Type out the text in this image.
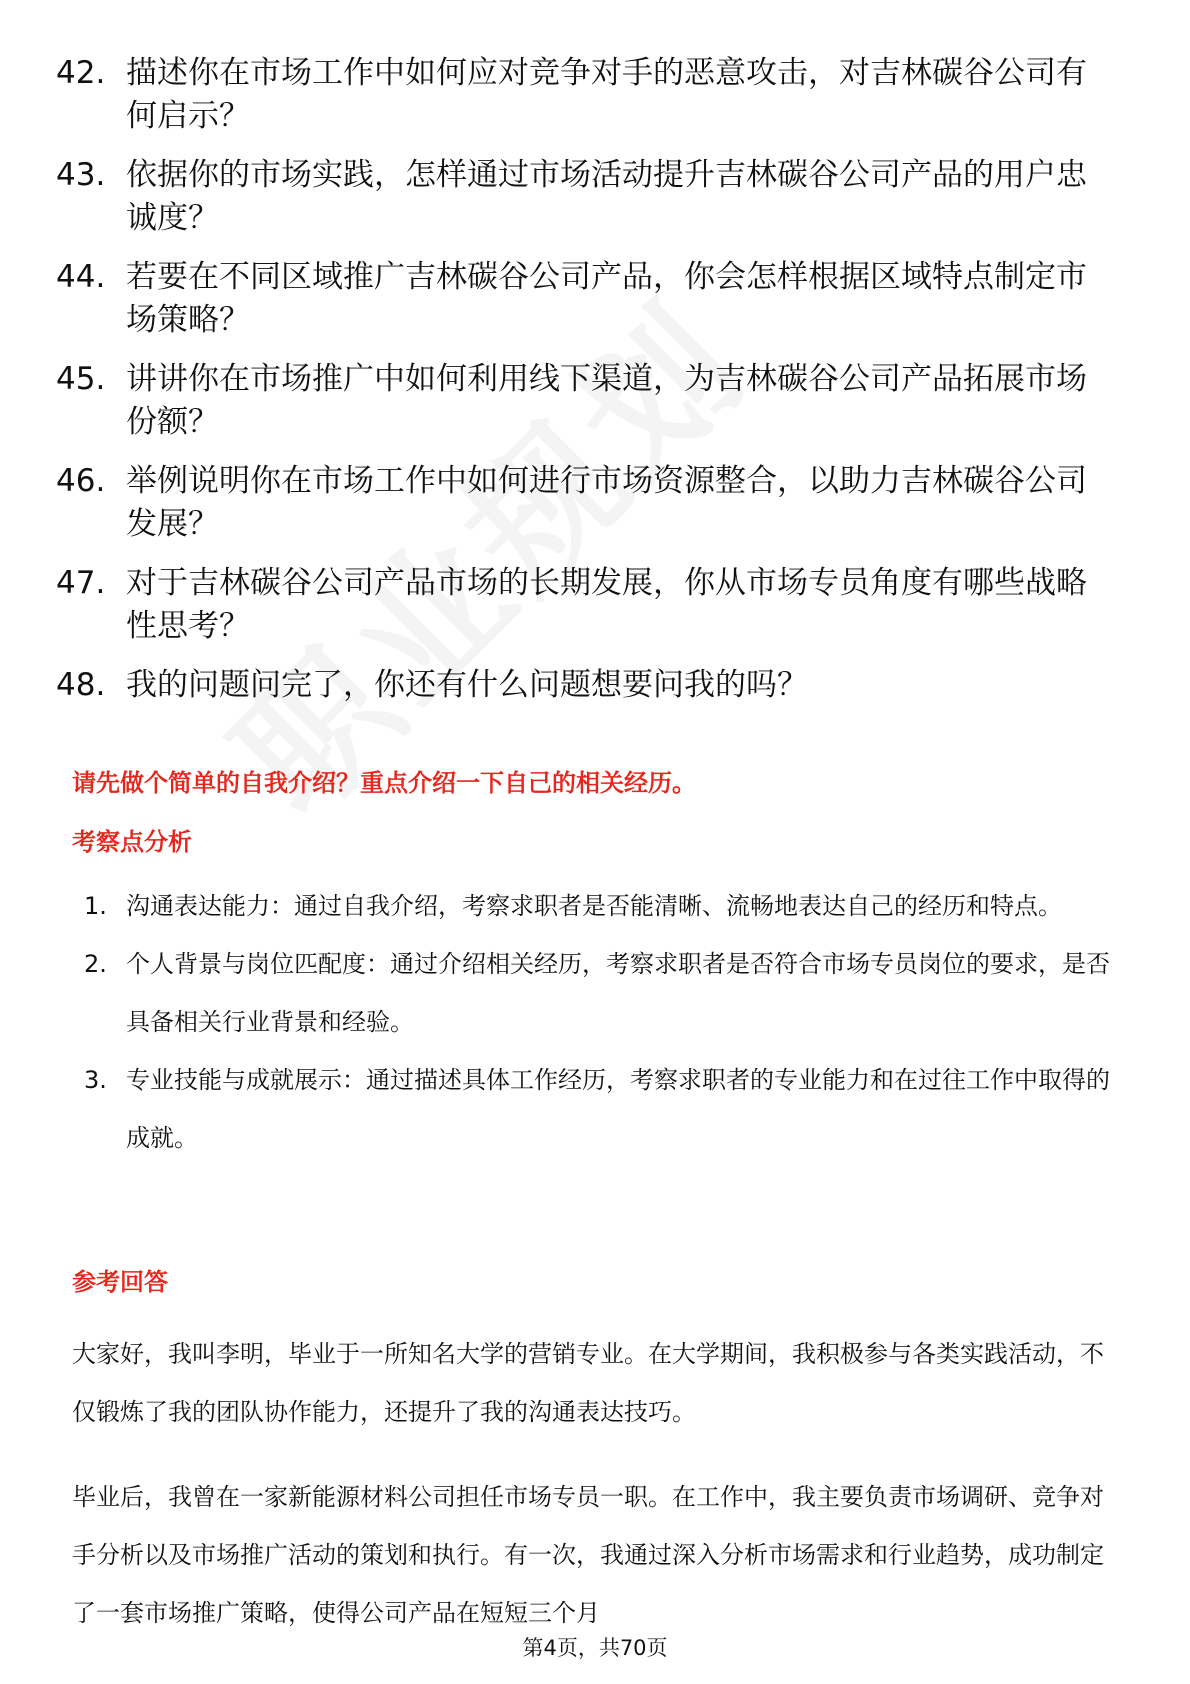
42. 描述你在市场工作中如何应对竞争对手的恶意攻击，对吉林碳谷公司有何启示？
43. 依据你的市场实践，怎样通过市场活动提升吉林碳谷公司产品的用户忠诚度？
44. 若要在不同区域推广吉林碳谷公司产品，你会怎样根据区域特点制定市场策略？
45. 讲讲你在市场推广中如何利用线下渠道，为吉林碳谷公司产品拓展市场份额？
46. 举例说明你在市场工作中如何进行市场资源整合，以助力吉林碳谷公司发展？
47. 对于吉林碳谷公司产品市场的长期发展，你从市场专员角度有哪些战略性思考？
48. 我的问题问完了，你还有什么问题想要问我的吗？
请先做个简单的自我介绍？重点介绍一下自己的相关经历。
考察点分析
1. 沟通表达能力：通过自我介绍，考察求职者是否能清晰、流畅地表达自己的经历和特点。
2. 个人背景与岗位匹配度：通过介绍相关经历，考察求职者是否符合市场专员岗位的要求，是否具备相关行业背景和经验。
3. 专业技能与成就展示：通过描述具体工作经历，考察求职者的专业能力和在过往工作中取得的成就。
参考回答

大家好，我叫李明，毕业于一所知名大学的营销专业。在大学期间，我积极参与各类实践活动，不仅锻炼了我的团队协作能力，还提升了我的沟通表达技巧。

毕业后，我曾在一家新能源材料公司担任市场专员一职。在工作中，我主要负责市场调研、竞争对手分析以及市场推广活动的策划和执行。有一次，我通过深入分析市场需求和行业趋势，成功制定了一套市场推广策略，使得公司产品在短短三个月

第4页，共70页
